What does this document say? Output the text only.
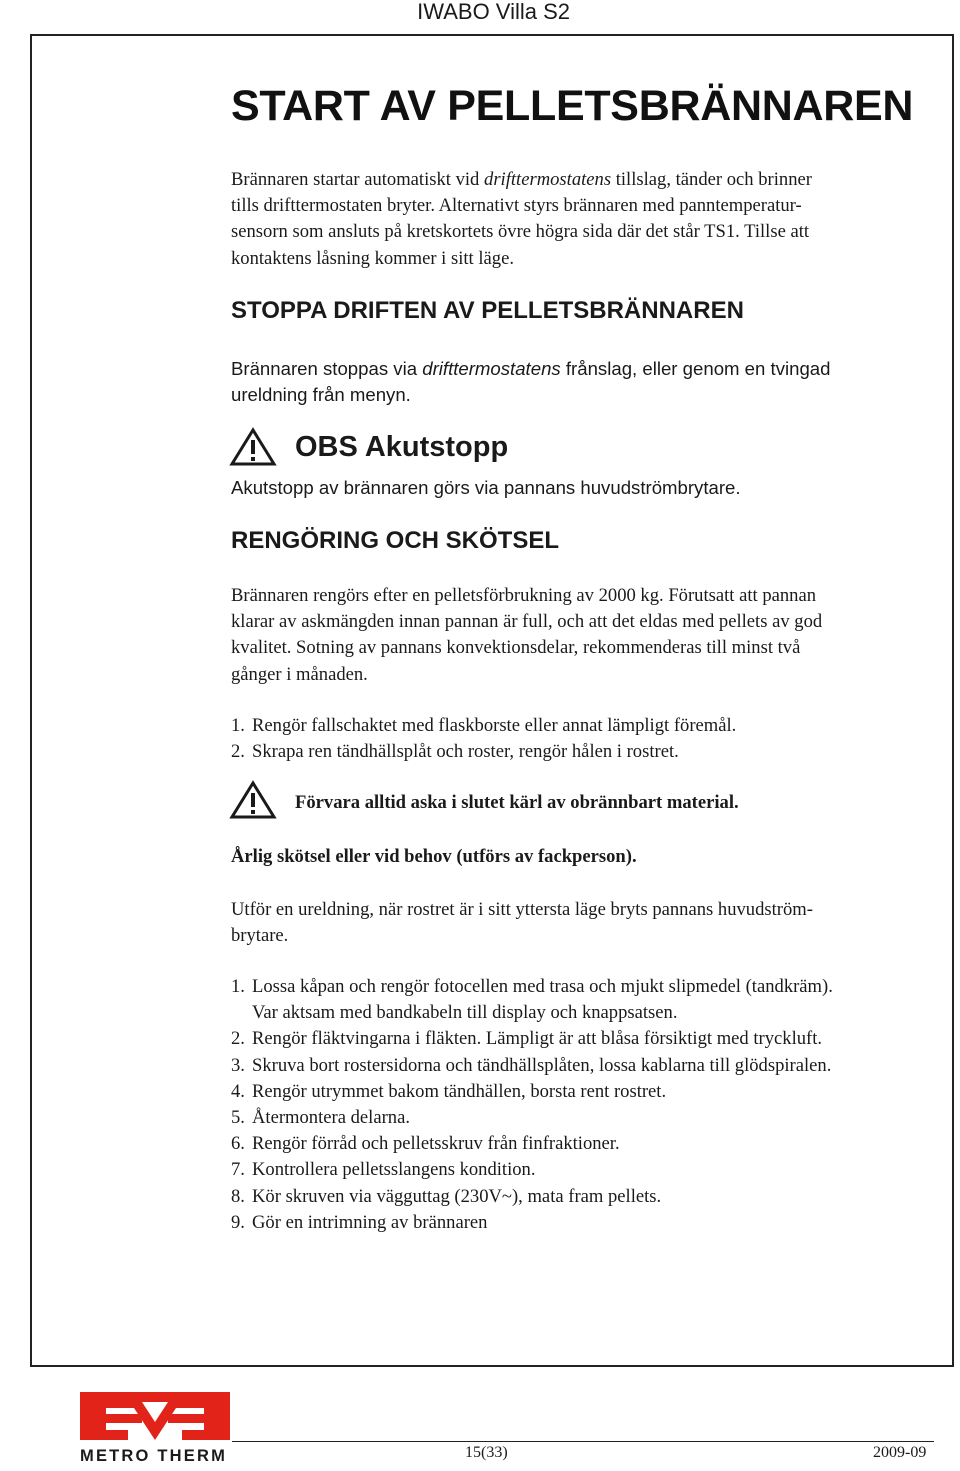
IWABO Villa S2
START AV PELLETSBRÄNNAREN

Brännaren startar automatiskt vid drifttermostatens tillslag, tänder och brinner

tills drifttermostaten bryter. Alternativt styrs brännaren med panntemperatur-

sensorn som ansluts på kretskortets övre högra sida där det står TS1. Tillse att

kontaktens låsning kommer i sitt läge.

STOPPA DRIFTEN AV PELLETSBRÄNNAREN

Brännaren stoppas via drifttermostatens frånslag, eller genom en tvingad

ureldning från menyn.

OBS Akutstopp

Akutstopp av brännaren görs via pannans huvudströmbrytare.

RENGÖRING OCH SKÖTSEL

Brännaren rengörs efter en pelletsförbrukning av 2000 kg. Förutsatt att pannan

klarar av askmängden innan pannan är full, och att det eldas med pellets av god

kvalitet. Sotning av pannans konvektionsdelar, rekommenderas till minst två

gånger i månaden.

1. Rengör fallschaktet med flaskborste eller annat lämpligt föremål.
2. Skrapa ren tändhällsplåt och roster, rengör hålen i rostret.
Förvara alltid aska i slutet kärl av obrännbart material.

Årlig skötsel eller vid behov (utförs av fackperson).

Utför en ureldning, när rostret är i sitt yttersta läge bryts pannans huvudström-

brytare.

1. Lossa kåpan och rengör fotocellen med trasa och mjukt slipmedel (tandkräm).
Var aktsam med bandkabeln till display och knappsatsen.
2. Rengör fläktvingarna i fläkten. Lämpligt är att blåsa försiktigt med tryckluft.
3. Skruva bort rostersidorna och tändhällsplåten, lossa kablarna till glödspiralen.
4. Rengör utrymmet bakom tändhällen, borsta rent rostret.
5. Återmontera delarna.
6. Rengör förråd och pelletsskruv från finfraktioner.
7. Kontrollera pelletsslangens kondition.
8. Kör skruven via vägguttag (230V~), mata fram pellets.
9. Gör en intrimning av brännaren
METRO THERM	15(33)	2009-09
